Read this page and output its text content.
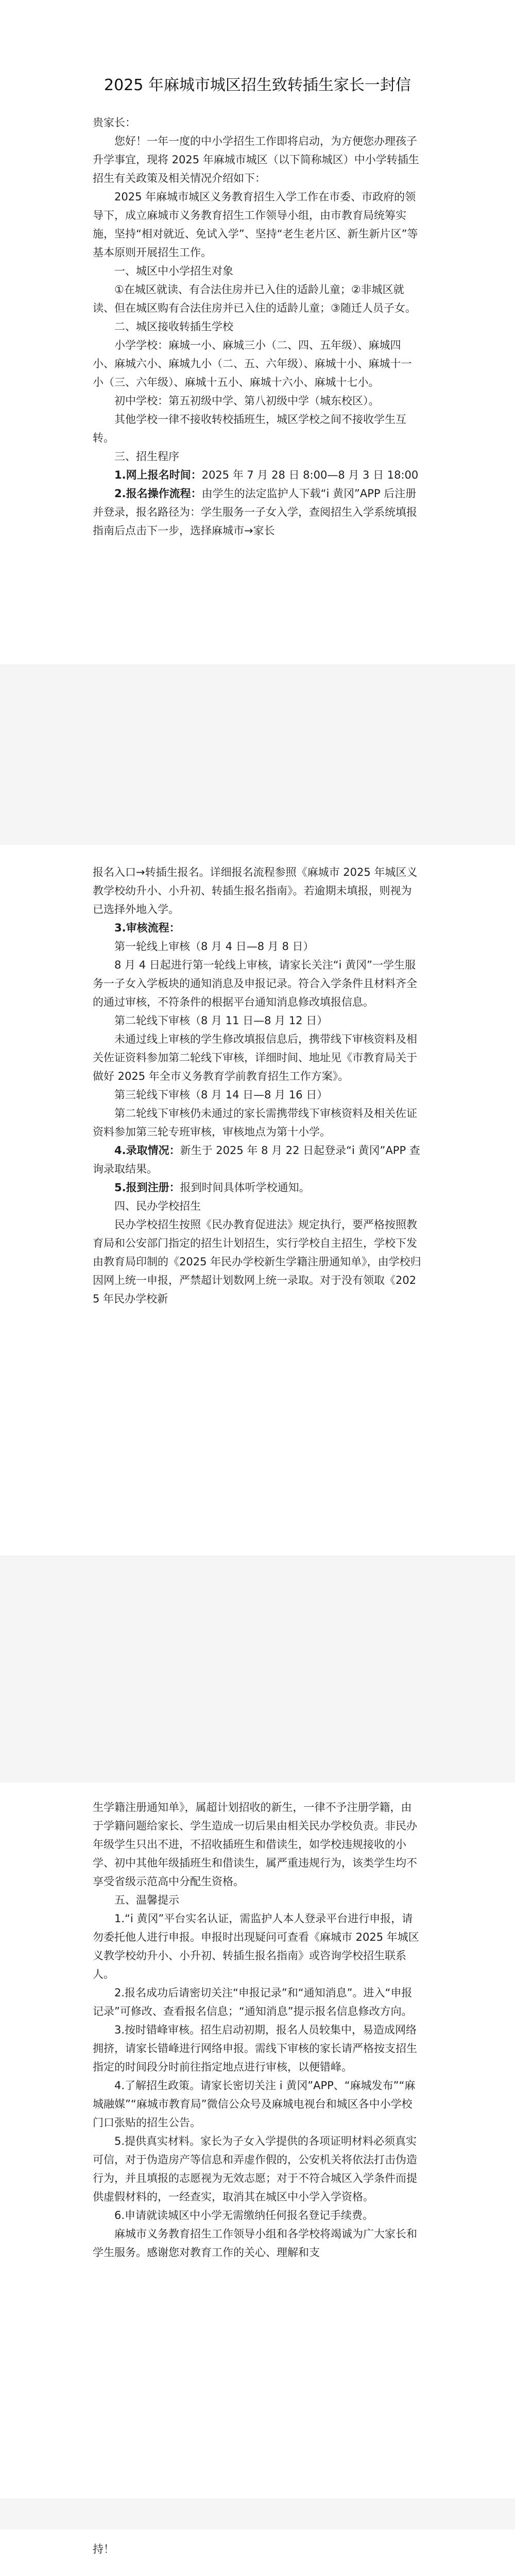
2025 年麻城市城区招生致转插生家长一封信

贵家长：

您好！一年一度的中小学招生工作即将启动，为方便您办理孩子升学事宜，现将 2025 年麻城市城区（以下简称城区）中小学转插生招生有关政策及相关情况介绍如下：

2025 年麻城市城区义务教育招生入学工作在市委、市政府的领导下，成立麻城市义务教育招生工作领导小组，由市教育局统筹实施，坚持“相对就近、免试入学”、坚持“老生老片区、新生新片区”等基本原则开展招生工作。

一、城区中小学招生对象

①在城区就读、有合法住房并已入住的适龄儿童；②非城区就读、但在城区购有合法住房并已入住的适龄儿童；③随迁人员子女。

二、城区接收转插生学校

小学学校：麻城一小、麻城三小（二、四、五年级）、麻城四小、麻城六小、麻城九小（二、五、六年级）、麻城十小、麻城十一小（三、六年级）、麻城十五小、麻城十六小、麻城十七小。

初中学校：第五初级中学、第八初级中学（城东校区）。

其他学校一律不接收转校插班生，城区学校之间不接收学生互转。

三、招生程序

1.网上报名时间：2025 年 7 月 28 日 8:00—8 月 3 日 18:00

2.报名操作流程：由学生的法定监护人下载“i 黄冈”APP 后注册并登录，报名路径为：学生服务一子女入学，查阅招生入学系统填报指南后点击下一步，选择麻城市→家长

报名入口→转插生报名。详细报名流程参照《麻城市 2025 年城区义教学校幼升小、小升初、转插生报名指南》。若逾期未填报，则视为已选择外地入学。

3.审核流程：

第一轮线上审核（8 月 4 日—8 月 8 日）

8 月 4 日起进行第一轮线上审核，请家长关注“i 黄冈”一学生服务一子女入学板块的通知消息及申报记录。符合入学条件且材料齐全的通过审核，不符条件的根据平台通知消息修改填报信息。

第二轮线下审核（8 月 11 日—8 月 12 日）

未通过线上审核的学生修改填报信息后，携带线下审核资料及相关佐证资料参加第二轮线下审核，详细时间、地址见《市教育局关于做好 2025 年全市义务教育学前教育招生工作方案》。

第三轮线下审核（8 月 14 日—8 月 16 日）

第二轮线下审核仍未通过的家长需携带线下审核资料及相关佐证资料参加第三轮专班审核，审核地点为第十小学。

4.录取情况：新生于 2025 年 8 月 22 日起登录“i 黄冈”APP 查询录取结果。

5.报到注册：报到时间具体听学校通知。

四、民办学校招生

民办学校招生按照《民办教育促进法》规定执行，要严格按照教育局和公安部门指定的招生计划招生，实行学校自主招生，学校下发由教育局印制的《2025 年民办学校新生学籍注册通知单》，由学校归因网上统一申报，严禁超计划数网上统一录取。对于没有领取《2025 年民办学校新

生学籍注册通知单》，属超计划招收的新生，一律不予注册学籍，由于学籍问题给家长、学生造成一切后果由相关民办学校负责。非民办年级学生只出不进，不招收插班生和借读生，如学校违规接收的小学、初中其他年级插班生和借读生，属严重违规行为，该类学生均不享受省级示范高中分配生资格。

五、温馨提示

1.“i 黄冈”平台实名认证，需监护人本人登录平台进行申报，请勿委托他人进行申报。申报时出现疑问可查看《麻城市 2025 年城区义教学校幼升小、小升初、转插生报名指南》或咨询学校招生联系人。

2.报名成功后请密切关注“申报记录”和“通知消息”。进入“申报记录”可修改、查看报名信息；“通知消息”提示报名信息修改方向。

3.按时错峰审核。招生启动初期，报名人员较集中，易造成网络拥挤，请家长错峰进行网络申报。需线下审核的家长请严格按支招生指定的时间段分时前往指定地点进行审核，以便错峰。

4.了解招生政策。请家长密切关注 i 黄冈”APP、“麻城发布”“麻城融媒”“麻城市教育局”微信公众号及麻城电视台和城区各中小学校门口张贴的招生公告。

5.提供真实材料。家长为子女入学提供的各项证明材料必须真实可信，对于伪造房产等信息和弄虚作假的，公安机关将依法打击伪造行为，并且填报的志愿视为无效志愿；对于不符合城区入学条件而提供虚假材料的，一经查实，取消其在城区中小学入学资格。

6.申请就读城区中小学无需缴纳任何报名登记手续费。

麻城市义务教育招生工作领导小组和各学校将竭诚为广大家长和学生服务。感谢您对教育工作的关心、理解和支

持！
